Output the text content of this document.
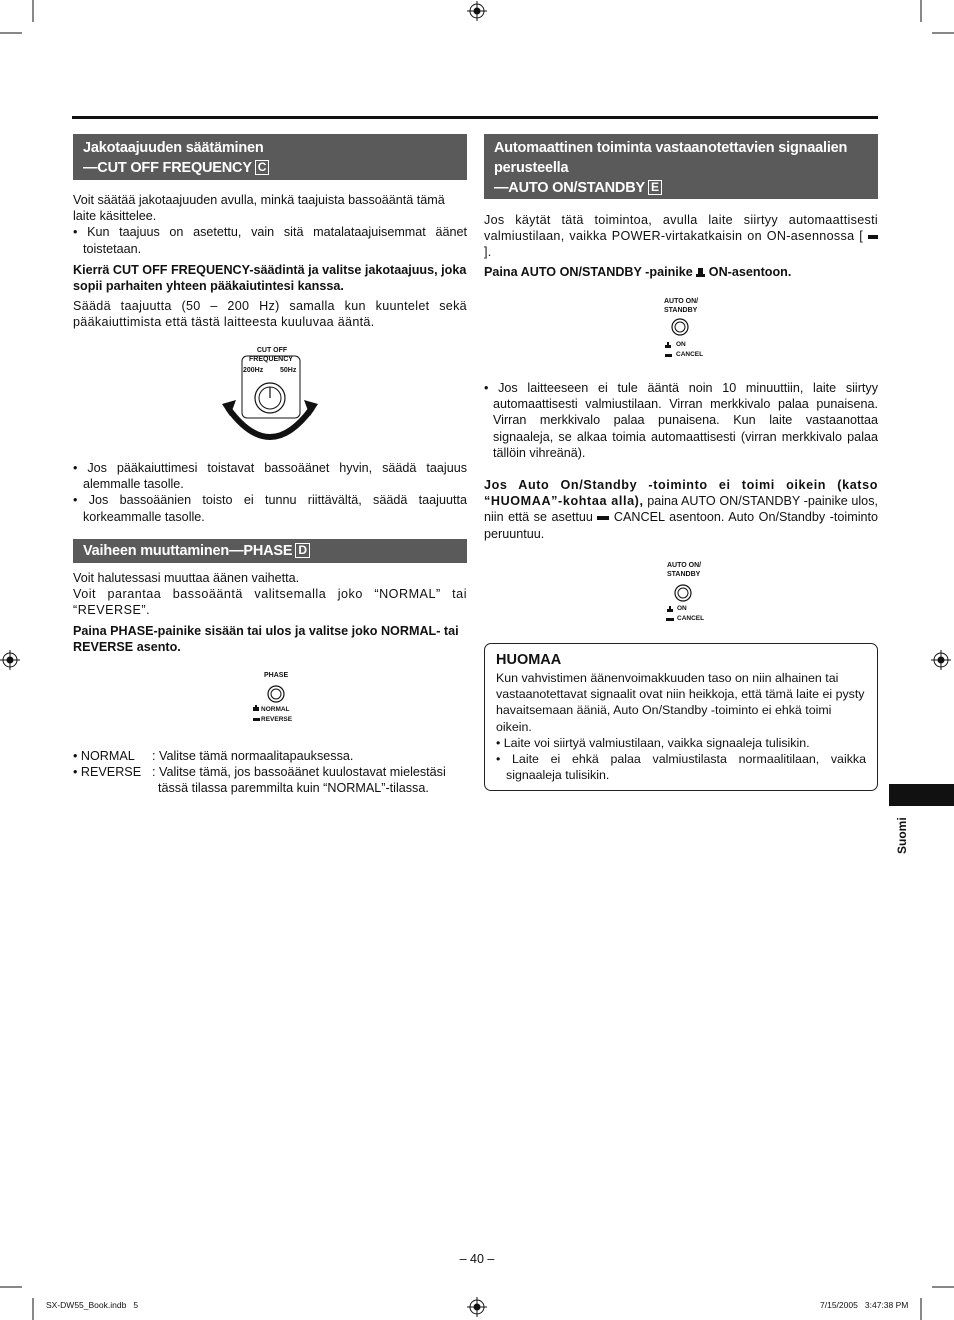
Jakotaajuuden säätäminen
—CUT OFF FREQUENCY C

Voit säätää jakotaajuuden avulla, minkä taajuista bassoääntä tämä laite käsittelee.

• Kun taajuus on asetettu, vain sitä matalataajuisemmat äänet toistetaan.

Kierrä CUT OFF FREQUENCY-säädintä ja valitse jakotaajuus, joka sopii parhaiten yhteen pääkaiutintesi kanssa.
Säädä taajuutta (50 – 200 Hz) samalla kun kuuntelet sekä pääkaiuttimista että tästä laitteesta kuuluvaa ääntä.
CUT OFF
FREQUENCY
200Hz 50Hz

• Jos pääkaiuttimesi toistavat bassoäänet hyvin, säädä taajuus alemmalle tasolle.

• Jos bassoäänien toisto ei tunnu riittävältä, säädä taajuutta korkeammalle tasolle.

Vaiheen muuttaminen—PHASE D

Voit halutessasi muuttaa äänen vaihetta.

Voit parantaa bassoääntä valitsemalla joko “NORMAL” tai “REVERSE”.

Paina PHASE-painike sisään tai ulos ja valitse joko NORMAL- tai REVERSE asento.
PHASE
NORMAL
REVERSE
• NORMAL	: Valitse tämä normaalitapauksessa.
• REVERSE : Valitse tämä, jos bassoäänet kuulostavat mielestäsi tässä tilassa paremmilta kuin “NORMAL”-tilassa.
Automaattinen toiminta vastaanotettavien signaalien
perusteella
—AUTO ON/STANDBY E
Jos käytät tätä toimintoa, avulla laite siirtyy automaattisesti valmiustilaan, vaikka POWER-virtakatkaisin on ON-asennossa [  ].
Paina AUTO ON/STANDBY -painike ON-asentoon.
AUTO ON/
STANDBY
ON
CANCEL
• Jos laitteeseen ei tule ääntä noin 10 minuuttiin, laite siirtyy automaattisesti valmiustilaan. Virran merkkivalo palaa punaisena. Virran merkkivalo palaa punaisena. Kun laite vastaanottaa signaaleja, se alkaa toimia automaattisesti (virran merkkivalo palaa tällöin vihreänä).
Jos Auto On/Standby -toiminto ei toimi oikein (katso “HUOMAA”-kohtaa alla), paina AUTO ON/STANDBY -painike ulos, niin että se asettuu CANCEL asentoon. Auto On/Standby -toiminto peruuntuu.
AUTO ON/
STANDBY
ON
CANCEL
HUOMAA

Kun vahvistimen äänenvoimakkuuden taso on niin alhainen tai vastaanotettavat signaalit ovat niin heikkoja, että tämä laite ei pysty havaitsemaan ääniä, Auto On/Standby -toiminto ei ehkä toimi oikein.

• Laite voi siirtyä valmiustilaan, vaikka signaaleja tulisikin.

• Laite ei ehkä palaa valmiustilasta normaalitilaan, vaikka signaaleja tulisikin.

Suomi
– 40 –
SX-DW55_Book.indb   5	7/15/2005   3:47:38 PM
